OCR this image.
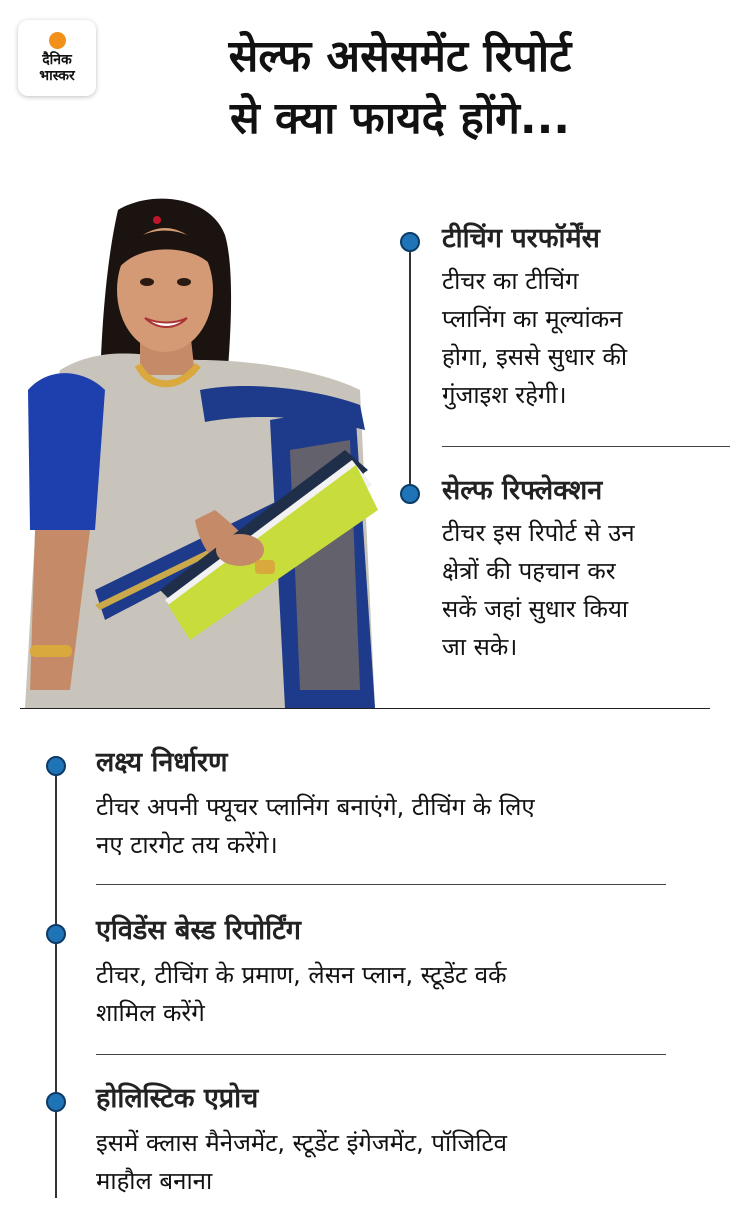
दैनिक
भास्कर	सेल्फ असेसमेंट रिपोर्ट
से क्या फायदे होंगे...
टीचिंग परफॉर्मेंस
टीचर का टीचिंग
प्लानिंग का मूल्यांकन
होगा, इससे सुधार की
गुंजाइश रहेगी।
सेल्फ रिफ्लेक्शन
टीचर इस रिपोर्ट से उन
क्षेत्रों की पहचान कर
सकें जहां सुधार किया
जा सके।
लक्ष्य निर्धारण
टीचर अपनी फ्यूचर प्लानिंग बनाएंगे, टीचिंग के लिए
नए टारगेट तय करेंगे।
एविडेंस बेस्ड रिपोर्टिंग
टीचर, टीचिंग के प्रमाण, लेसन प्लान, स्टूडेंट वर्क
शामिल करेंगे
होलिस्टिक एप्रोच
इसमें क्लास मैनेजमेंट, स्टूडेंट इंगेजमेंट, पॉजिटिव
माहौल बनाना
